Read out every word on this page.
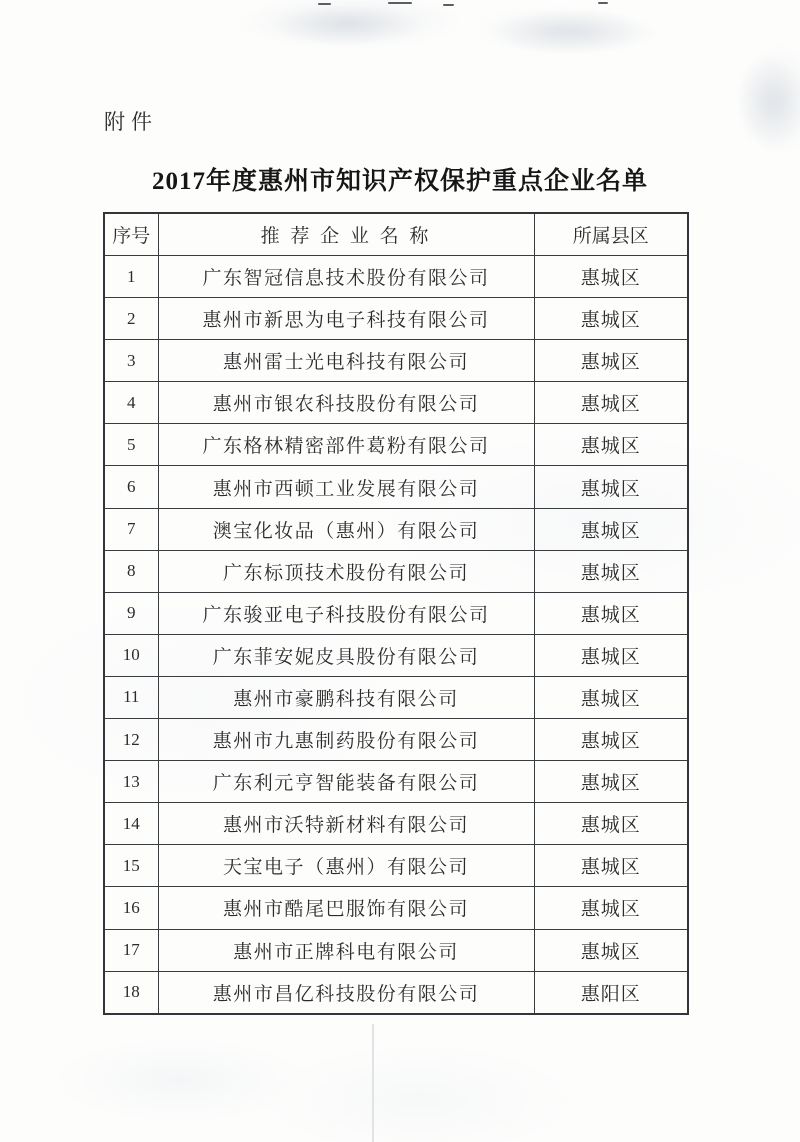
附件
2017年度惠州市知识产权保护重点企业名单
序号	推 荐 企 业 名 称	所属县区
1	广东智冠信息技术股份有限公司	惠城区
2	惠州市新思为电子科技有限公司	惠城区
3	惠州雷士光电科技有限公司	惠城区
4	惠州市银农科技股份有限公司	惠城区
5	广东格林精密部件葛粉有限公司	惠城区
6	惠州市西顿工业发展有限公司	惠城区
7	澳宝化妆品（惠州）有限公司	惠城区
8	广东标顶技术股份有限公司	惠城区
9	广东骏亚电子科技股份有限公司	惠城区
10	广东菲安妮皮具股份有限公司	惠城区
11	惠州市豪鹏科技有限公司	惠城区
12	惠州市九惠制药股份有限公司	惠城区
13	广东利元亨智能装备有限公司	惠城区
14	惠州市沃特新材料有限公司	惠城区
15	天宝电子（惠州）有限公司	惠城区
16	惠州市酷尾巴服饰有限公司	惠城区
17	惠州市正牌科电有限公司	惠城区
18	惠州市昌亿科技股份有限公司	惠阳区
